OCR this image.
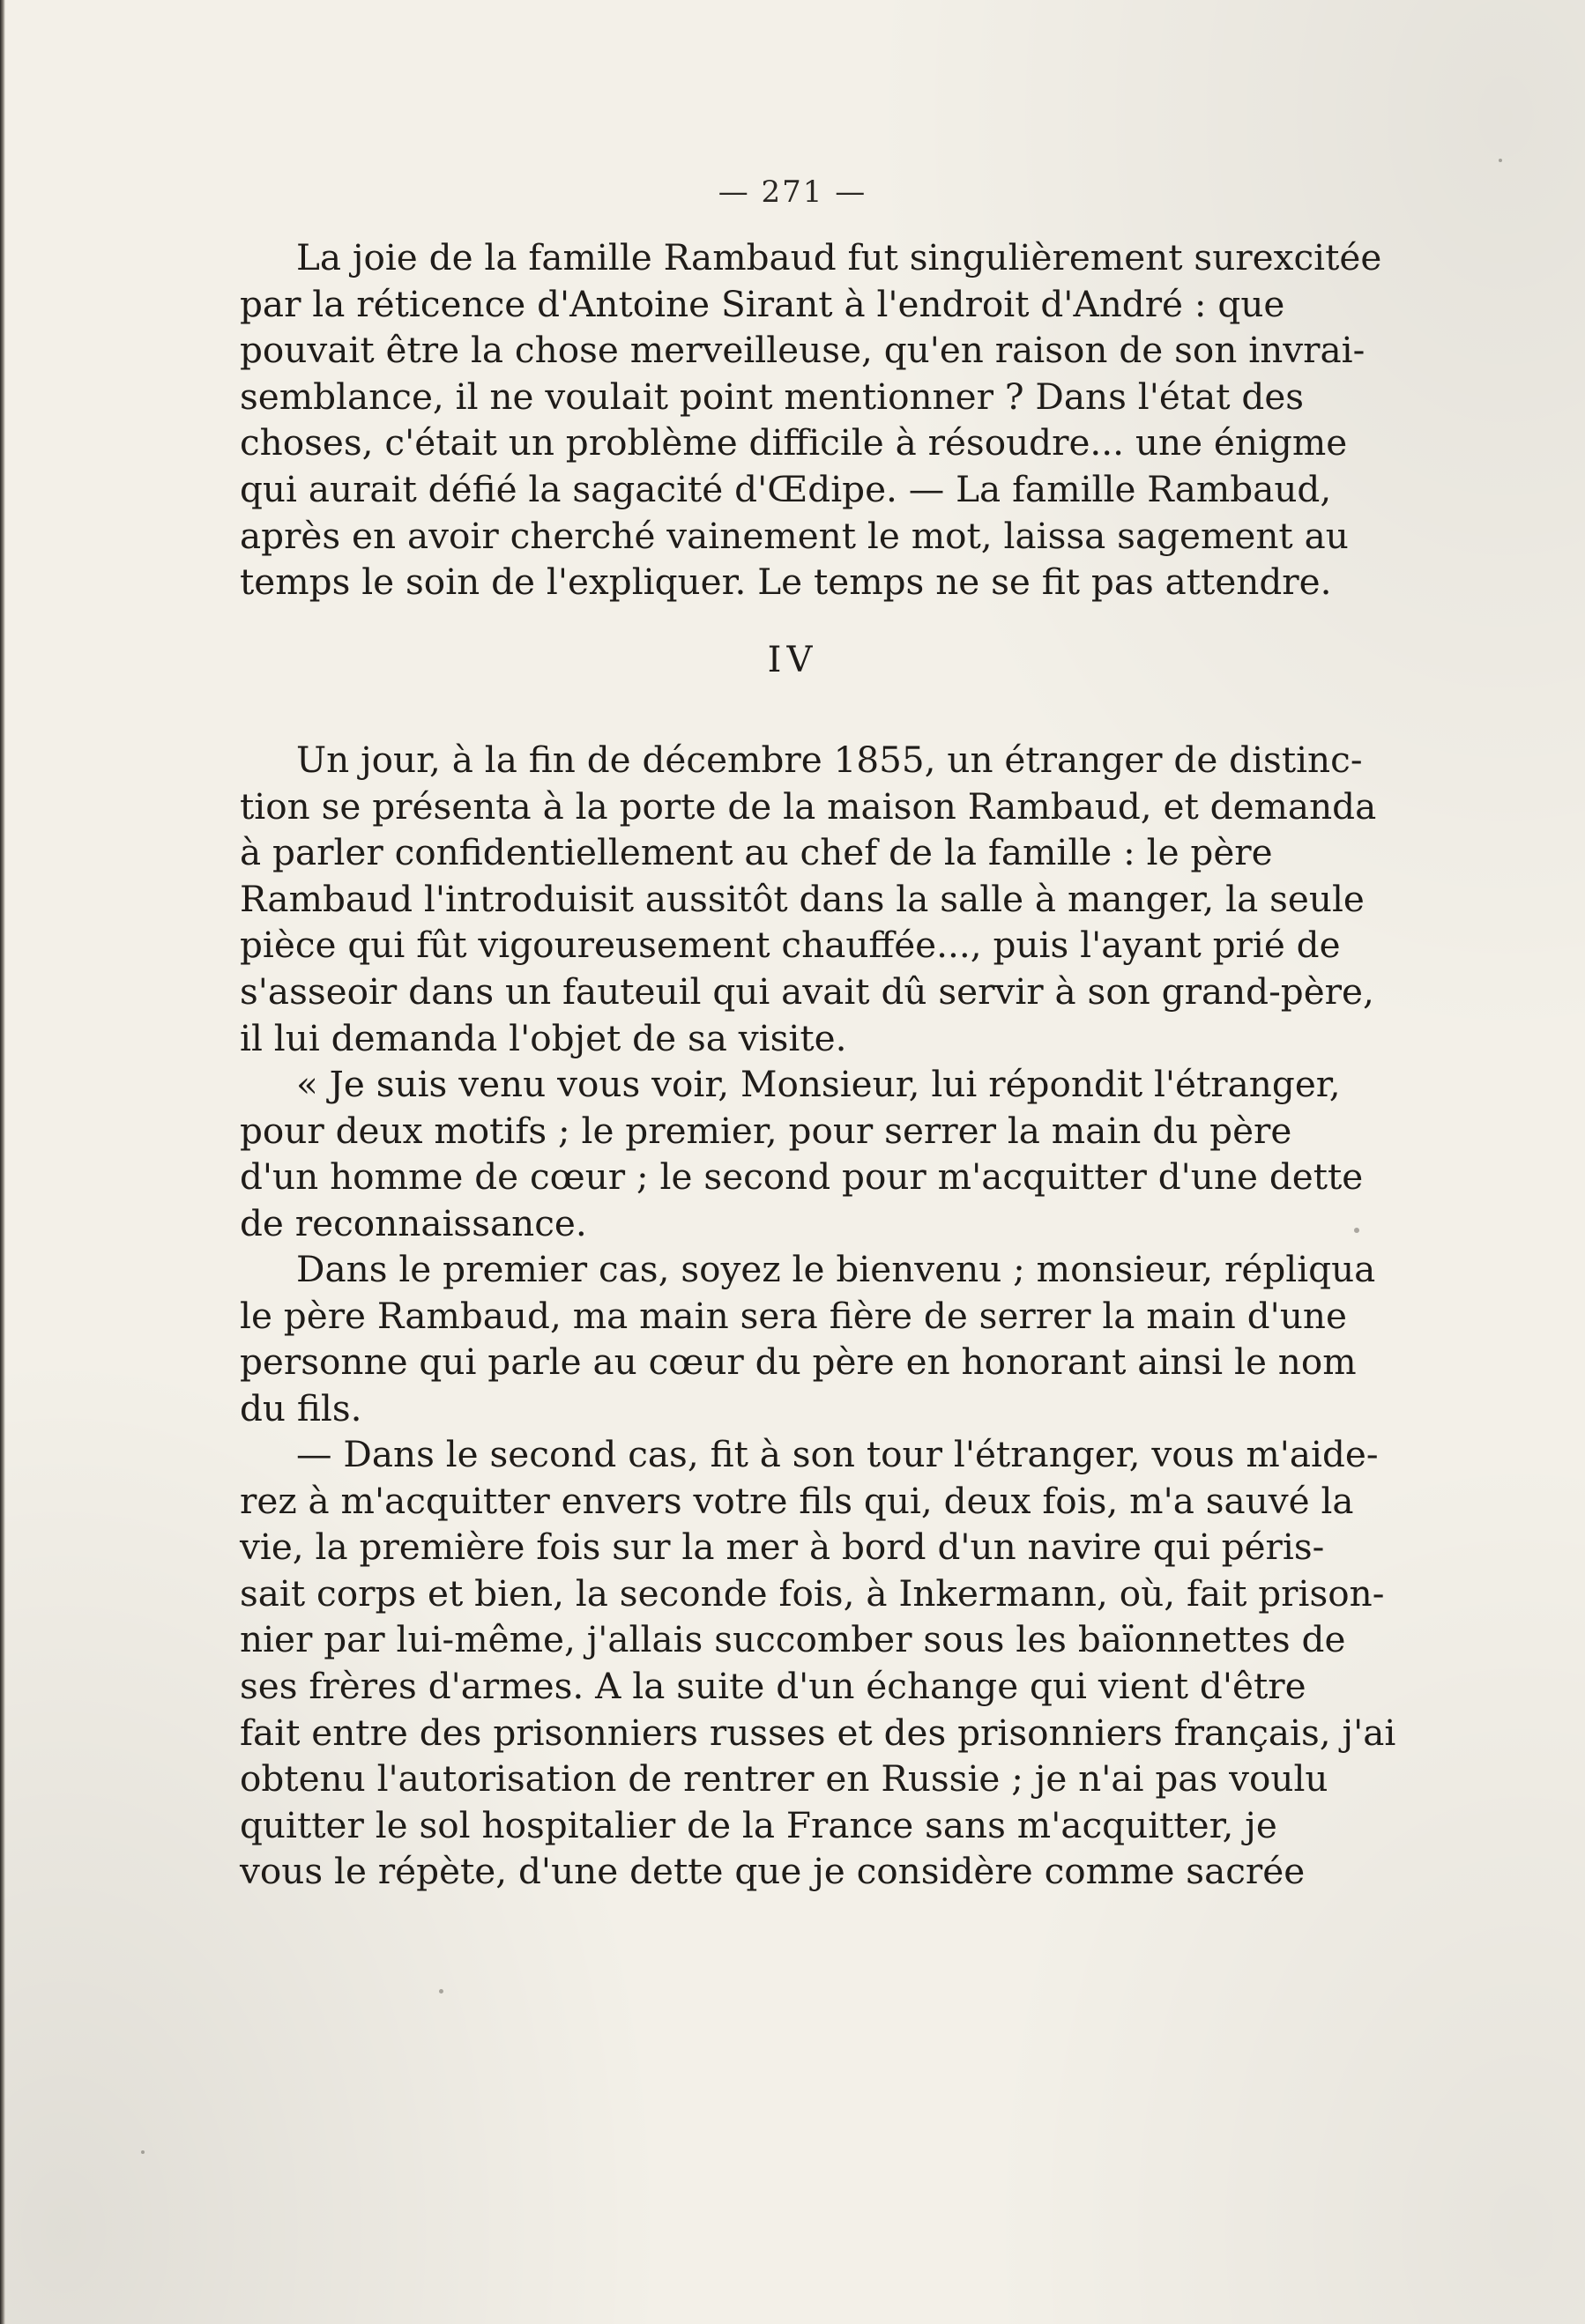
— 271 —
La joie de la famille Rambaud fut singulièrement surexcitée
par la réticence d'Antoine Sirant à l'endroit d'André : que
pouvait être la chose merveilleuse, qu'en raison de son invrai-
semblance, il ne voulait point mentionner ? Dans l'état des
choses, c'était un problème difficile à résoudre... une énigme
qui aurait défié la sagacité d'Œdipe. — La famille Rambaud,
après en avoir cherché vainement le mot, laissa sagement au
temps le soin de l'expliquer. Le temps ne se fit pas attendre.
IV
Un jour, à la fin de décembre 1855, un étranger de distinc-
tion se présenta à la porte de la maison Rambaud, et demanda
à parler confidentiellement au chef de la famille : le père
Rambaud l'introduisit aussitôt dans la salle à manger, la seule
pièce qui fût vigoureusement chauffée..., puis l'ayant prié de
s'asseoir dans un fauteuil qui avait dû servir à son grand-père,
il lui demanda l'objet de sa visite.
« Je suis venu vous voir, Monsieur, lui répondit l'étranger,
pour deux motifs ; le premier, pour serrer la main du père
d'un homme de cœur ; le second pour m'acquitter d'une dette
de reconnaissance.
Dans le premier cas, soyez le bienvenu ; monsieur, répliqua
le père Rambaud, ma main sera fière de serrer la main d'une
personne qui parle au cœur du père en honorant ainsi le nom
du fils.
— Dans le second cas, fit à son tour l'étranger, vous m'aide-
rez à m'acquitter envers votre fils qui, deux fois, m'a sauvé la
vie, la première fois sur la mer à bord d'un navire qui péris-
sait corps et bien, la seconde fois, à Inkermann, où, fait prison-
nier par lui-même, j'allais succomber sous les baïonnettes de
ses frères d'armes. A la suite d'un échange qui vient d'être
fait entre des prisonniers russes et des prisonniers français, j'ai
obtenu l'autorisation de rentrer en Russie ; je n'ai pas voulu
quitter le sol hospitalier de la France sans m'acquitter, je
vous le répète, d'une dette que je considère comme sacrée
